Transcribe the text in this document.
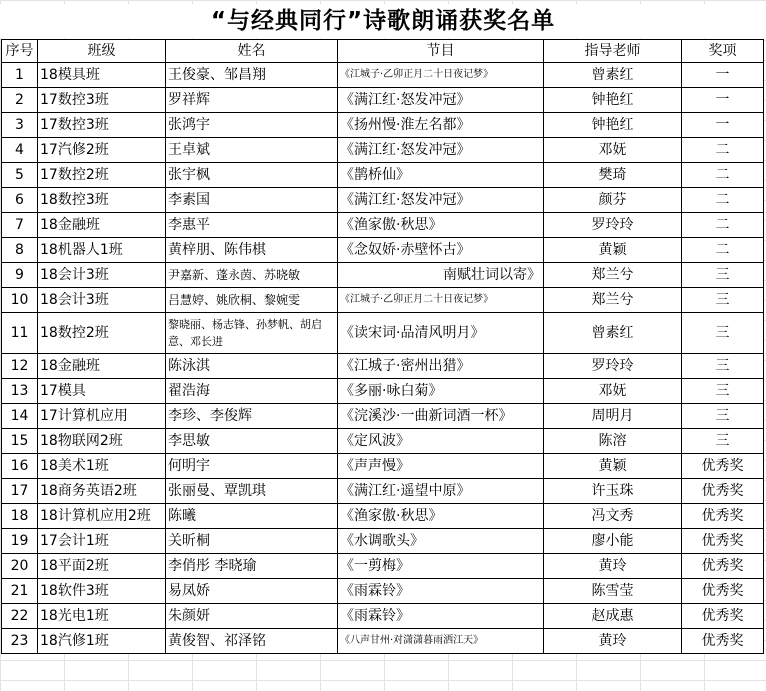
“与经典同行”诗歌朗诵获奖名单
序号	班级	姓名	节目	指导老师	奖项
1	18模具班	王俊豪、邹昌翔	《江城子·乙卯正月二十日夜记梦》	曾素红	一
2	17数控3班	罗祥辉	《满江红·怒发冲冠》	钟艳红	一
3	17数控3班	张鸿宇	《扬州慢·淮左名都》	钟艳红	一
4	17汽修2班	王卓斌	《满江红·怒发冲冠》	邓妩	二
5	17数控2班	张宇枫	《鹊桥仙》	樊琦	二
6	18数控3班	李素国	《满江红·怒发冲冠》	颜芬	二
7	18金融班	李惠平	《渔家傲·秋思》	罗玲玲	二
8	18机器人1班	黄梓朋、陈伟棋	《念奴娇·赤壁怀古》	黄颖	二
9	18会计3班	尹嘉新、蓬永茵、苏晓敏	南赋壮词以寄》	郑兰兮	三
10	18会计3班	吕慧婷、姚欣桐、黎婉雯	《江城子·乙卯正月二十日夜记梦》	郑兰兮	三
11	18数控2班	黎晓丽、杨志锋、孙梦帆、胡启意、邓长进	《读宋词·品清风明月》	曾素红	三
12	18金融班	陈泳淇	《江城子·密州出猎》	罗玲玲	三
13	17模具	翟浩海	《多丽·咏白菊》	邓妩	三
14	17计算机应用	李珍、李俊辉	《浣溪沙·一曲新词酒一杯》	周明月	三
15	18物联网2班	李思敏	《定风波》	陈溶	三
16	18美术1班	何明宇	《声声慢》	黄颖	优秀奖
17	18商务英语2班	张丽曼、覃凯琪	《满江红·遥望中原》	许玉珠	优秀奖
18	18计算机应用2班	陈曦	《渔家傲·秋思》	冯文秀	优秀奖
19	17会计1班	关昕桐	《水调歌头》	廖小能	优秀奖
20	18平面2班	李俏彤 李晓瑜	《一剪梅》	黄玲	优秀奖
21	18软件3班	易凤娇	《雨霖铃》	陈雪莹	优秀奖
22	18光电1班	朱颜妍	《雨霖铃》	赵成惠	优秀奖
23	18汽修1班	黄俊智、祁泽铭	《八声甘州·对潇潇暮雨洒江天》	黄玲	优秀奖
